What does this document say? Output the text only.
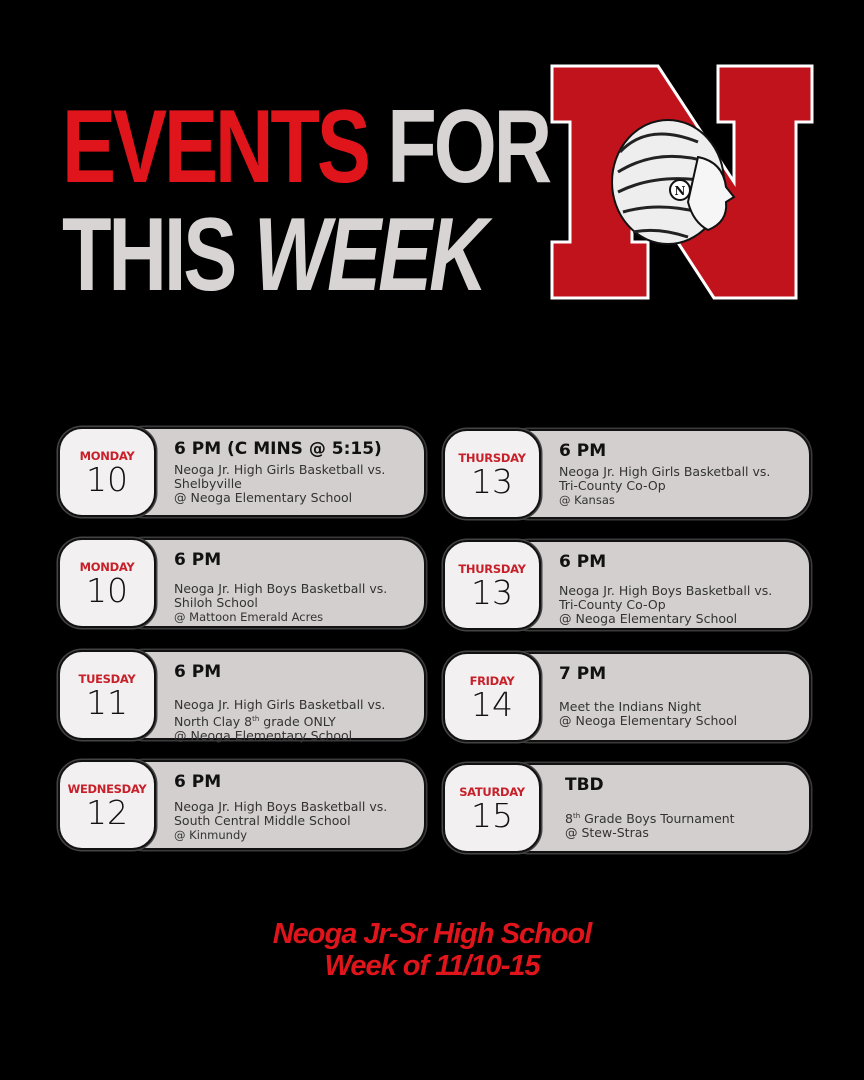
EVENTS FOR
THIS WEEK
N
MONDAY
10
6 PM (C MINS @ 5:15)
Neoga Jr. High Girls Basketball vs.
Shelbyville
@ Neoga Elementary School
MONDAY
10
6 PM
Neoga Jr. High Boys Basketball vs.
Shiloh School
@ Mattoon Emerald Acres
TUESDAY
11
6 PM
Neoga Jr. High Girls Basketball vs.
North Clay 8th grade ONLY
@ Neoga Elementary School
WEDNESDAY
12
6 PM
Neoga Jr. High Boys Basketball vs.
South Central Middle School
@ Kinmundy
THURSDAY
13
6 PM
Neoga Jr. High Girls Basketball vs.
Tri-County Co-Op
@ Kansas
THURSDAY
13
6 PM
Neoga Jr. High Boys Basketball vs.
Tri-County Co-Op
@ Neoga Elementary School
FRIDAY
14
7 PM
Meet the Indians Night
@ Neoga Elementary School
SATURDAY
15
TBD
8th Grade Boys Tournament
@ Stew-Stras
Neoga Jr-Sr High School
Week of 11/10-15
